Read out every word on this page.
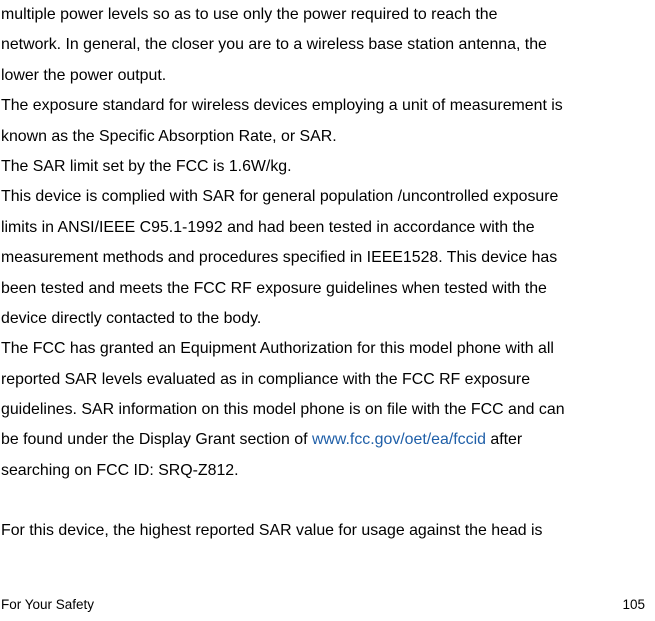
multiple power levels so as to use only the power required to reach the
network. In general, the closer you are to a wireless base station antenna, the
lower the power output.
The exposure standard for wireless devices employing a unit of measurement is
known as the Specific Absorption Rate, or SAR.
The SAR limit set by the FCC is 1.6W/kg.
This device is complied with SAR for general population /uncontrolled exposure
limits in ANSI/IEEE C95.1-1992 and had been tested in accordance with the
measurement methods and procedures specified in IEEE1528. This device has
been tested and meets the FCC RF exposure guidelines when tested with the
device directly contacted to the body.
The FCC has granted an Equipment Authorization for this model phone with all
reported SAR levels evaluated as in compliance with the FCC RF exposure
guidelines. SAR information on this model phone is on file with the FCC and can
be found under the Display Grant section of www.fcc.gov/oet/ea/fccid after
searching on FCC ID: SRQ-Z812.
For this device, the highest reported SAR value for usage against the head is
For Your Safety	105
